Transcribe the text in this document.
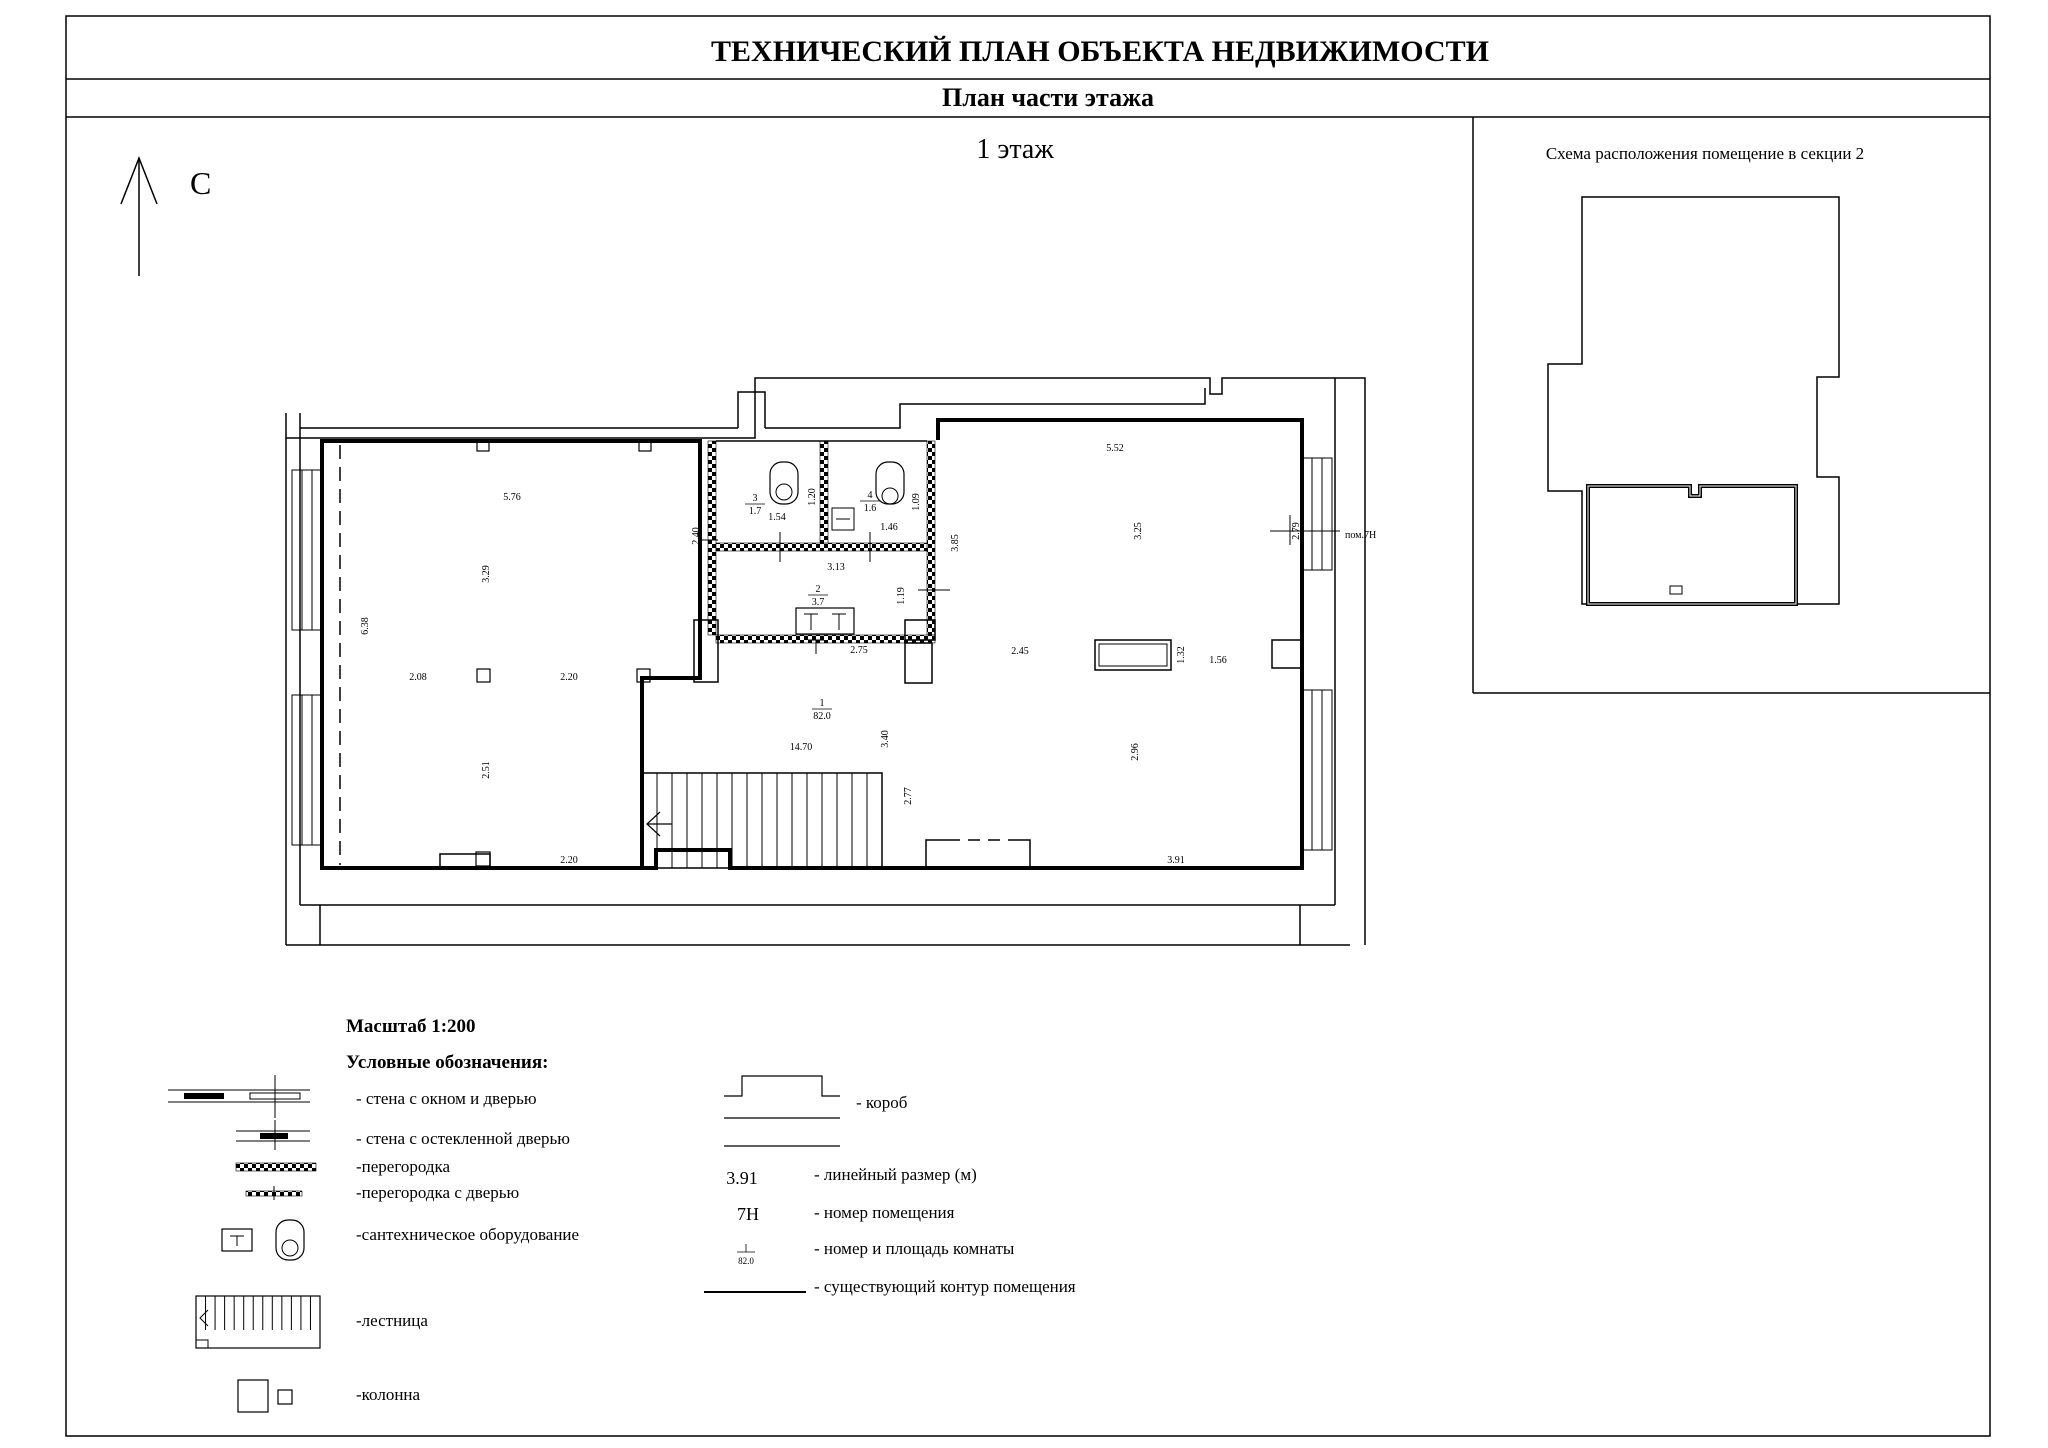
ТЕХНИЧЕСКИЙ ПЛАН ОБЪЕКТА НЕДВИЖИМОСТИ
План части этажа
1 этаж
С
Схема расположения помещение в секции 2
5.76
3.29
6.38
2.08	2.20
2.51
2.20
2.40
1.54
1.20
1.46
1.09
3.13
3.85
1.19
2.75
5.52
3.25	2.79
2.45	1.32 1.56
14.70	3.40
2.77
2.96
3.91
пом.7Н
3
1.7
4
1.6
2
3.7
1
82.0
Масштаб 1:200
Условные обозначения:
- стена с окном и дверью
- стена с остекленной дверью
-перегородка
-перегородка с дверью
-сантехническое оборудование
-лестница
-колонна
- короб
3.91	- линейный размер (м)
7Н	- номер помещения
82.0
- номер и площадь комнаты
- существующий контур помещения
